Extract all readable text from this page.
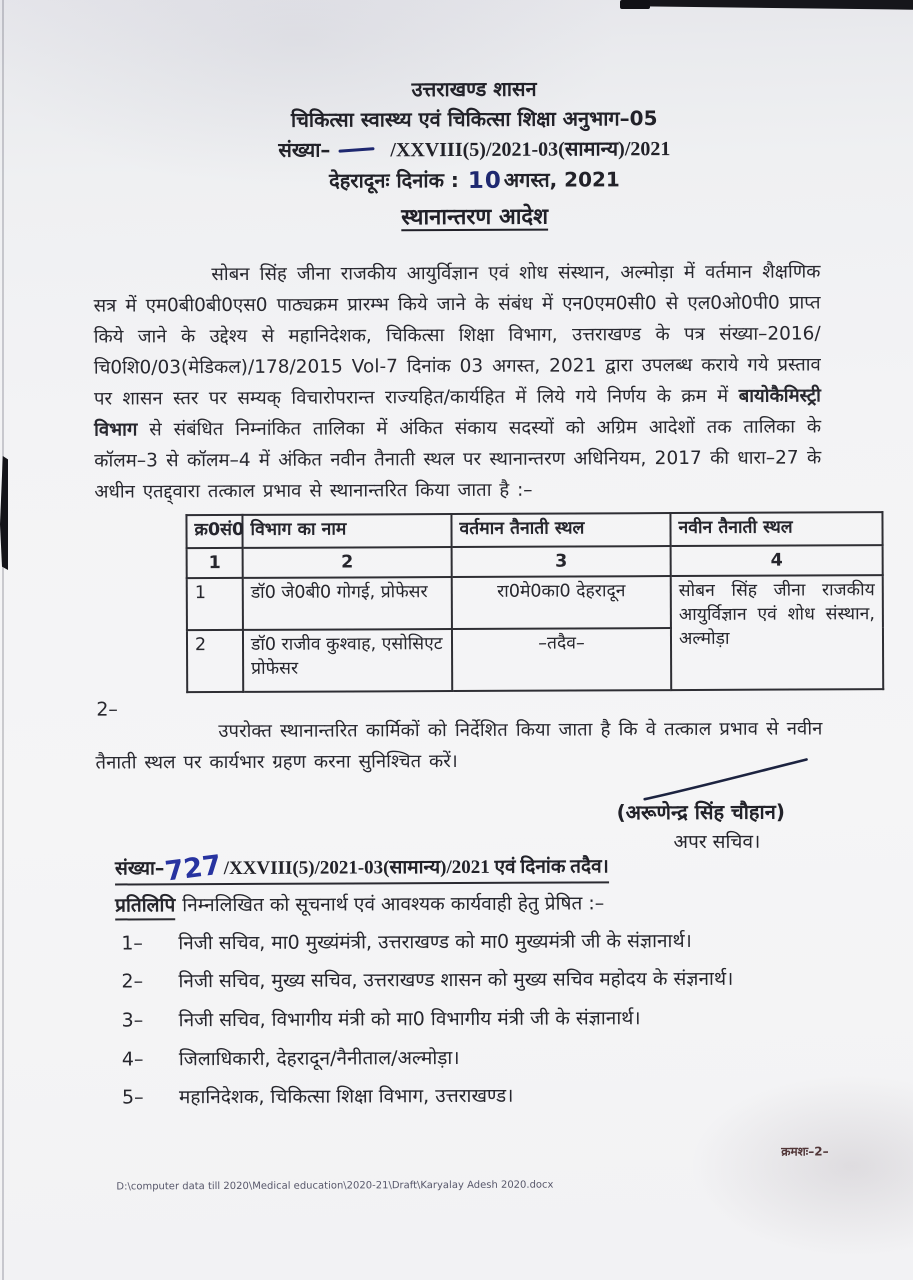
उत्तराखण्ड शासन
चिकित्सा स्वास्थ्य एवं चिकित्सा शिक्षा अनुभाग–05
संख्या–	/XXVIII(5)/2021-03(सामान्य)/2021
देहरादूनः दिनांक : 10अगस्त, 2021
स्थानान्तरण आदेश

सोबन सिंह जीना राजकीय आयुर्विज्ञान एवं शोध संस्थान, अल्मोड़ा में वर्तमान शैक्षणिक सत्र में एम0बी0बी0एस0 पाठ्यक्रम प्रारम्भ किये जाने के संबंध में एन0एम0सी0 से एल0ओ0पी0 प्राप्त किये जाने के उद्देश्य से महानिदेशक, चिकित्सा शिक्षा विभाग, उत्तराखण्ड के पत्र संख्या–2016/चि0शि0/03(मेडिकल)/178/2015 Vol-7 दिनांक 03 अगस्त, 2021 द्वारा उपलब्ध कराये गये प्रस्ताव पर शासन स्तर पर सम्यक् विचारोपरान्त राज्यहित/कार्यहित में लिये गये निर्णय के क्रम में बायोकैमिस्ट्री विभाग से संबंधित निम्नांकित तालिका में अंकित संकाय सदस्यों को अग्रिम आदेशों तक तालिका के कॉलम–3 से कॉलम–4 में अंकित नवीन तैनाती स्थल पर स्थानान्तरण अधिनियम, 2017 की धारा–27 के अधीन एतद्द्वारा तत्काल प्रभाव से स्थानान्तरित किया जाता है :–

क्र0सं0	विभाग का नाम	वर्तमान तैनाती स्थल	नवीन तैनाती स्थल
1	2	3	4
1	डॉ0 जे0बी0 गोगई, प्रोफेसर	रा0मे0का0 देहरादून	सोबन सिंह जीना राजकीय आयुर्विज्ञान एवं शोध संस्थान, अल्मोड़ा
2	डॉ0 राजीव कुश्वाह, एसोसिएट प्रोफेसर	–तदैव–	
2–

उपरोक्त स्थानान्तरित कार्मिकों को निर्देशित किया जाता है कि वे तत्काल प्रभाव से नवीन तैनाती स्थल पर कार्यभार ग्रहण करना सुनिश्चित करें।

(अरूणेन्द्र सिंह चौहान)
अपर सचिव।
संख्या–727/XXVIII(5)/2021-03(सामान्य)/2021 एवं दिनांक तदैव।
प्रतिलिपि निम्नलिखित को सूचनार्थ एवं आवश्यक कार्यवाही हेतु प्रेषित :–
1– निजी सचिव, मा0 मुख्यंमंत्री, उत्तराखण्ड को मा0 मुख्यमंत्री जी के संज्ञानार्थ।
2– निजी सचिव, मुख्य सचिव, उत्तराखण्ड शासन को मुख्य सचिव महोदय के संज्ञनार्थ।
3– निजी सचिव, विभागीय मंत्री को मा0 विभागीय मंत्री जी के संज्ञानार्थ।
4– जिलाधिकारी, देहरादून/नैनीताल/अल्मोड़ा।
5– महानिदेशक, चिकित्सा शिक्षा विभाग, उत्तराखण्ड।
क्रमशः–2–
D:\computer data till 2020\Medical education\2020-21\Draft\Karyalay Adesh 2020.docx
